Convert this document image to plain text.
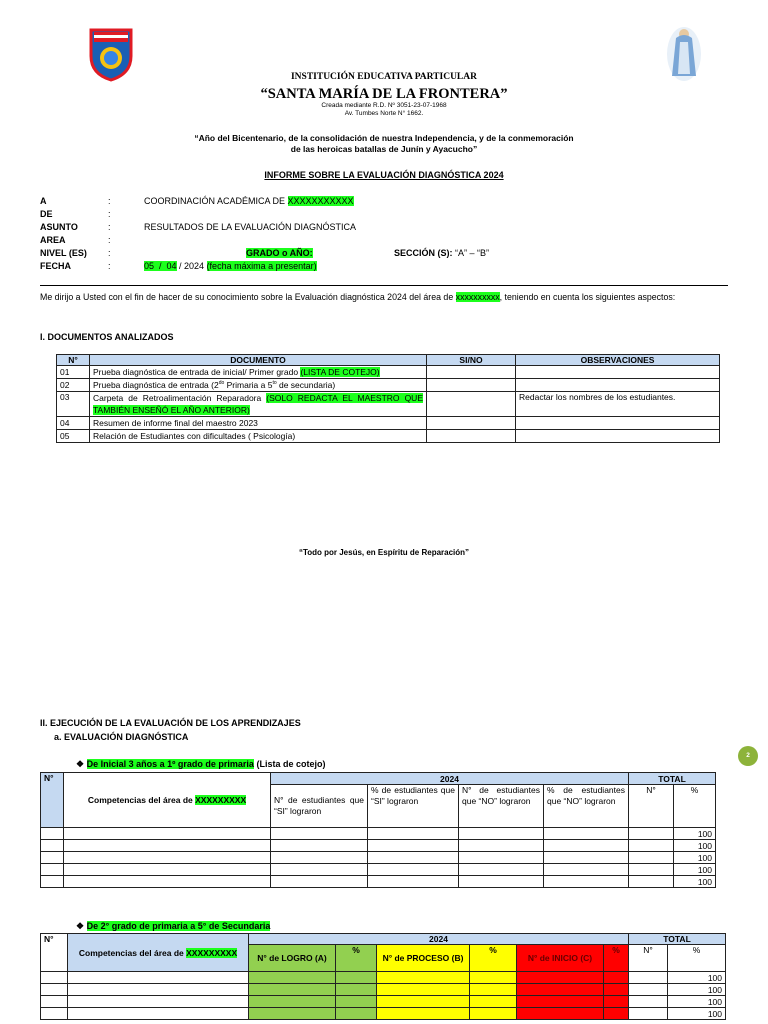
INSTITUCIÓN EDUCATIVA PARTICULAR
“SANTA MARÍA DE LA FRONTERA”
Creada mediante R.D. Nº 3051-23-07-1968
Av. Tumbes Norte N° 1662.
“Año del Bicentenario, de la consolidación de nuestra Independencia, y de la conmemoración
de las heroicas batallas de Junín y Ayacucho”
INFORME SOBRE LA EVALUACIÓN DIAGNÓSTICA 2024
A	:	COORDINACIÓN ACADÉMICA DE XXXXXXXXXXX
DE	:
ASUNTO	:	RESULTADOS DE LA EVALUACIÓN DIAGNÓSTICA
AREA	:
NIVEL (ES) :	GRADO o AÑO:	SECCIÓN (S): “A” – “B”
FECHA	:	05  /  04 / 2024 (fecha máxima a presentar)
Me dirijo a Usted con el fin de hacer de su conocimiento sobre la Evaluación diagnóstica 2024 del área de xxxxxxxxxx, teniendo en cuenta los siguientes aspectos:
I. DOCUMENTOS ANALIZADOS
N°	DOCUMENTO	SI/NO	OBSERVACIONES
01	Prueba diagnóstica de entrada de inicial/ Primer grado (LISTA DE COTEJO)		
02	Prueba diagnóstica de entrada ($2^{do}$ Primaria a $5^{to}$ de secundaria)		
03	Carpeta de Retroalimentación Reparadora (SOLO REDACTA EL MAESTRO QUE TAMBIÉN ENSEÑÓ EL AÑO ANTERIOR)		Redactar los nombres de los estudiantes.
04	Resumen de informe final del maestro 2023		
05	Relación de Estudiantes con dificultades ( Psicología)		
“Todo por Jesús, en Espíritu de Reparación”
2
II. EJECUCIÓN DE LA EVALUACIÓN DE LOS APRENDIZAJES
a. EVALUACIÓN DIAGNÓSTICA
❖ De Inicial 3 años a 1º grado de primaria (Lista de cotejo)
N°	Competencias del área de XXXXXXXXX	2024				TOTAL	
		N° de estudiantes que “SI” lograron	% de estudiantes que “SI” lograron	N° de estudiantes que “NO” lograron	% de estudiantes que “NO” lograron	N°	%
							100
							100
							100
							100
							100
❖ De 2° grado de primaria a 5° de Secundaria
N°	Competencias del área de XXXXXXXXX	2024						TOTAL	
		N° de LOGRO (A)	%	N° de PROCESO (B)	%	N° de INICIO (C)	%	N°	%
									100
									100
									100
									100
